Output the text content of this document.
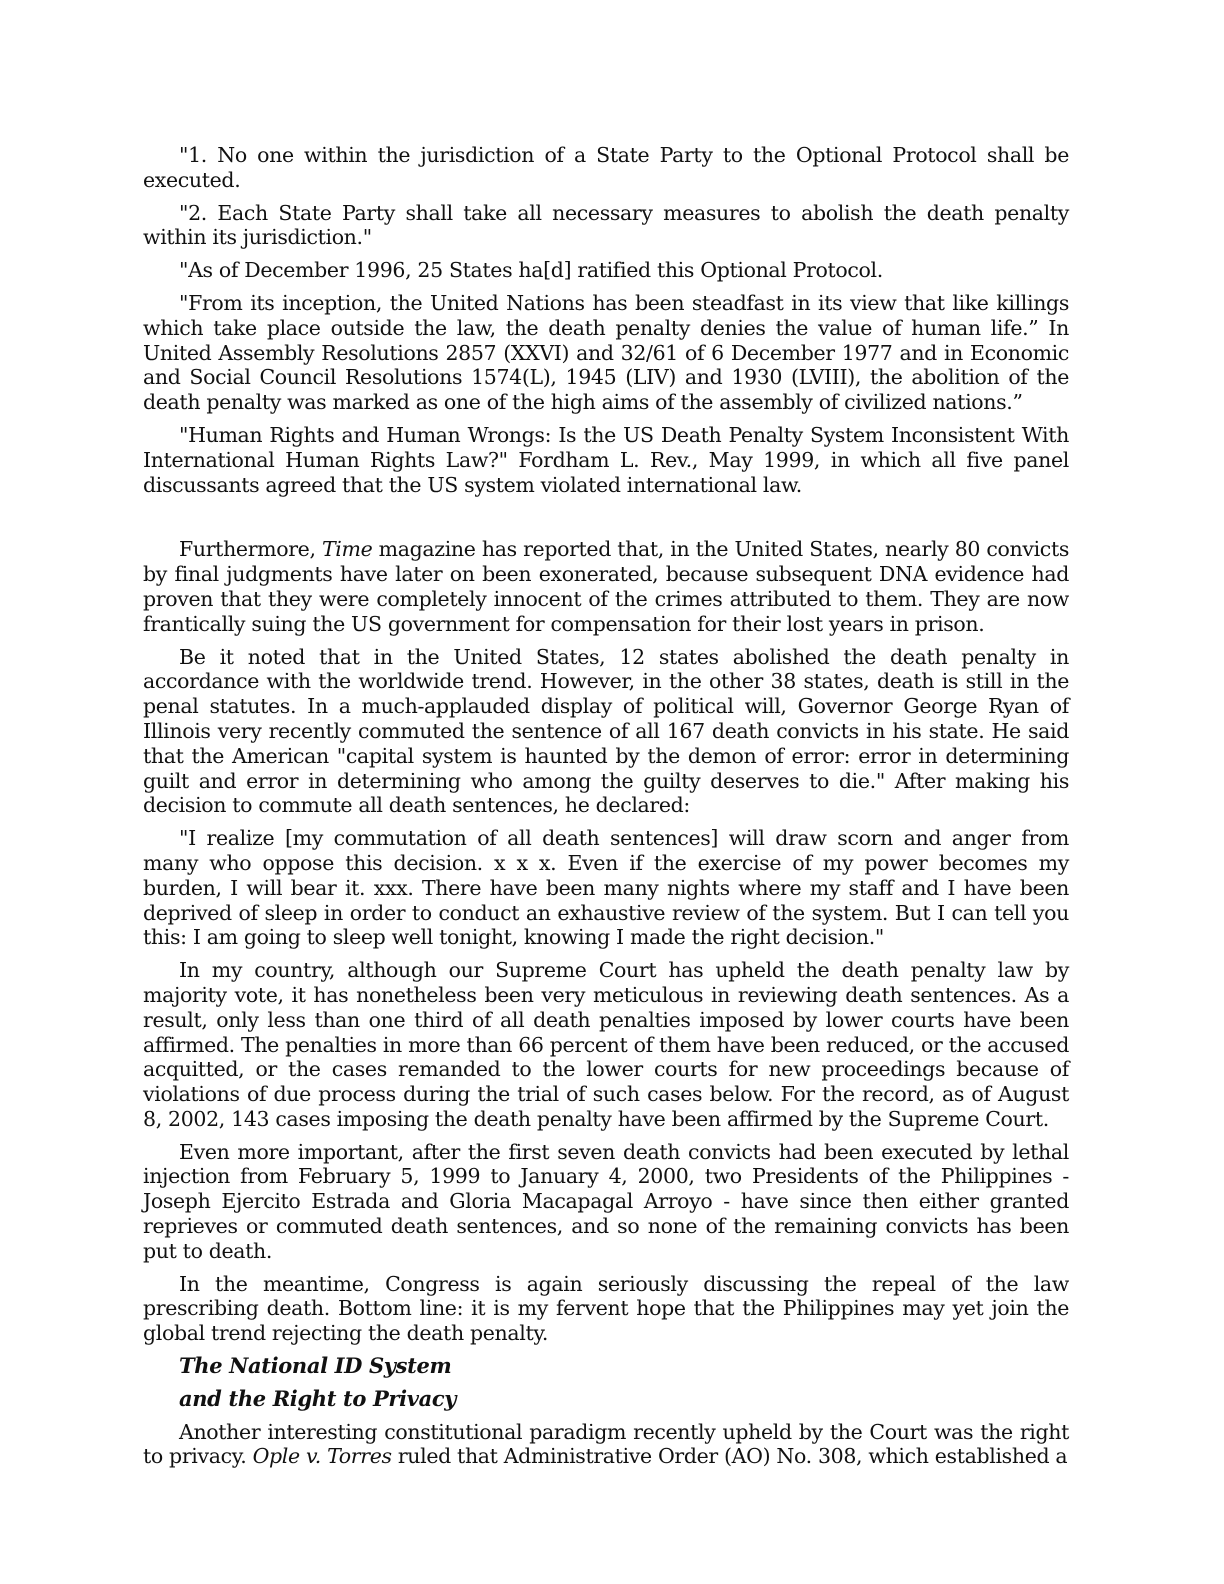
"1. No one within the jurisdiction of a State Party to the Optional Protocol shall be executed.

"2. Each State Party shall take all necessary measures to abolish the death penalty within its jurisdiction."

"As of December 1996, 25 States ha[d] ratified this Optional Protocol.

"From its inception, the United Nations has been steadfast in its view that like killings which take place outside the law, the death penalty denies the value of human life.” In United Assembly Resolutions 2857 (XXVI) and 32/61 of 6 December 1977 and in Economic and Social Council Resolutions 1574(L), 1945 (LIV) and 1930 (LVIII), the abolition of the death penalty was marked as one of the high aims of the assembly of civilized nations.”

"Human Rights and Human Wrongs: Is the US Death Penalty System Inconsistent With International Human Rights Law?" Fordham L. Rev., May 1999, in which all five panel discussants agreed that the US system violated international law.

Furthermore, Time magazine has reported that, in the United States, nearly 80 convicts by final judgments have later on been exonerated, because subsequent DNA evidence had proven that they were completely innocent of the crimes attributed to them. They are now frantically suing the US government for compensation for their lost years in prison.

Be it noted that in the United States, 12 states abolished the death penalty in accordance with the worldwide trend. However, in the other 38 states, death is still in the penal statutes. In a much-applauded display of political will, Governor George Ryan of Illinois very recently commuted the sentence of all 167 death convicts in his state. He said that the American "capital system is haunted by the demon of error: error in determining guilt and error in determining who among the guilty deserves to die." After making his decision to commute all death sentences, he declared:

"I realize [my commutation of all death sentences] will draw scorn and anger from many who oppose this decision. x x x. Even if the exercise of my power becomes my burden, I will bear it. xxx. There have been many nights where my staff and I have been deprived of sleep in order to conduct an exhaustive review of the system. But I can tell you this: I am going to sleep well tonight, knowing I made the right decision."

In my country, although our Supreme Court has upheld the death penalty law by majority vote, it has nonetheless been very meticulous in reviewing death sentences. As a result, only less than one third of all death penalties imposed by lower courts have been affirmed. The penalties in more than 66 percent of them have been reduced, or the accused acquitted, or the cases remanded to the lower courts for new proceedings because of violations of due process during the trial of such cases below. For the record, as of August 8, 2002, 143 cases imposing the death penalty have been affirmed by the Supreme Court.

Even more important, after the first seven death convicts had been executed by lethal injection from February 5, 1999 to January 4, 2000, two Presidents of the Philippines - Joseph Ejercito Estrada and Gloria Macapagal Arroyo - have since then either granted reprieves or commuted death sentences, and so none of the remaining convicts has been put to death.

In the meantime, Congress is again seriously discussing the repeal of the law prescribing death. Bottom line: it is my fervent hope that the Philippines may yet join the global trend rejecting the death penalty.

The National ID System
and the Right to Privacy

Another interesting constitutional paradigm recently upheld by the Court was the right to privacy. Ople v. Torres ruled that Administrative Order (AO) No. 308, which established a
